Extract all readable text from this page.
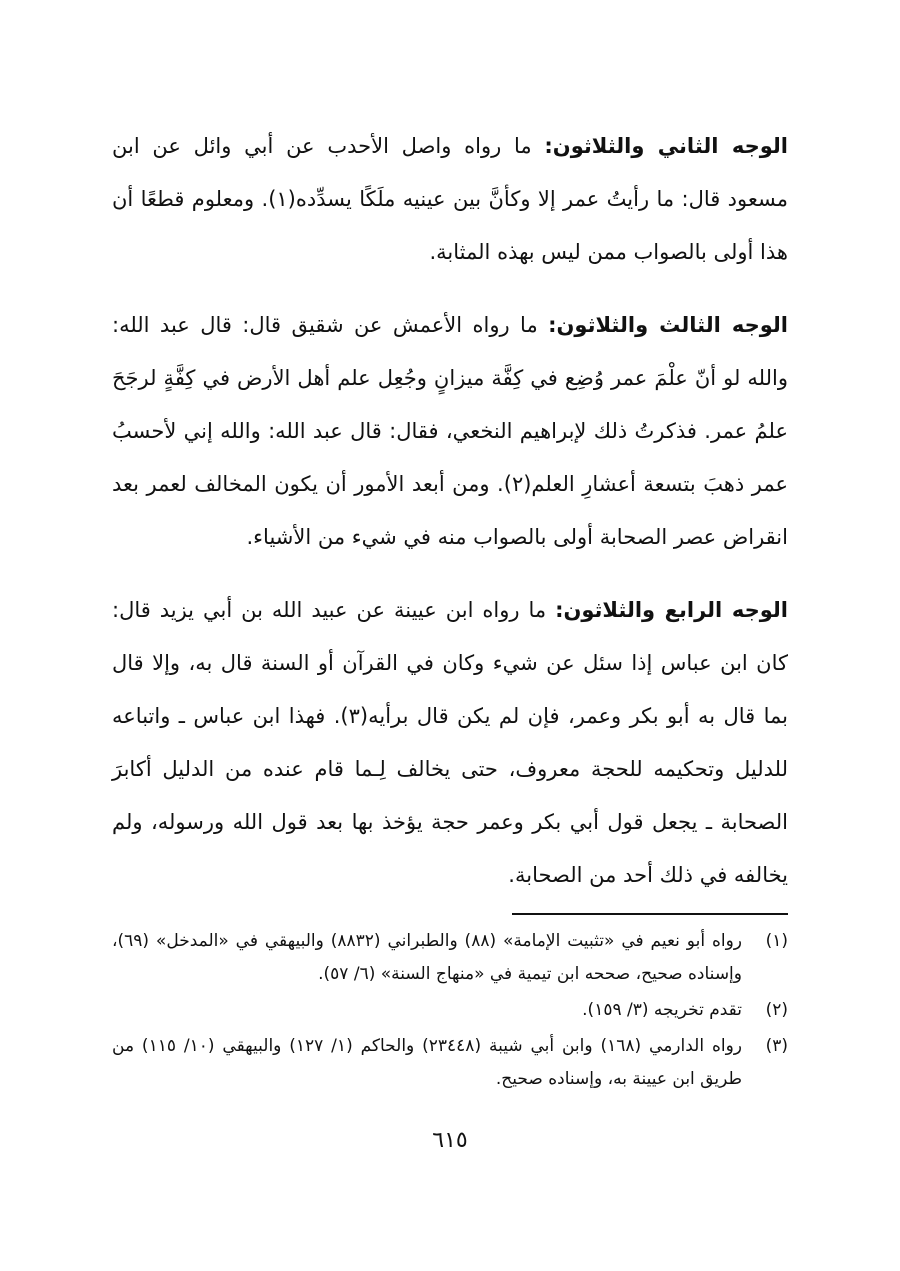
الوجه الثاني والثلاثون: ما رواه واصل الأحدب عن أبي وائل عن ابن مسعود قال: ما رأيتُ عمر إلا وكأنَّ بين عينيه ملَكًا يسدِّده(١). ومعلوم قطعًا أن هذا أولى بالصواب ممن ليس بهذه المثابة.

الوجه الثالث والثلاثون: ما رواه الأعمش عن شقيق قال: قال عبد الله: والله لو أنّ علْمَ عمر وُضِع في كِفَّة ميزانٍ وجُعِل علم أهل الأرض في كِفَّةٍ لرجَحَ علمُ عمر. فذكرتُ ذلك لإبراهيم النخعي، فقال: قال عبد الله: والله إني لأحسبُ عمر ذهبَ بتسعة أعشارِ العلم(٢). ومن أبعد الأمور أن يكون المخالف لعمر بعد انقراض عصر الصحابة أولى بالصواب منه في شيء من الأشياء.

الوجه الرابع والثلاثون: ما رواه ابن عيينة عن عبيد الله بن أبي يزيد قال: كان ابن عباس إذا سئل عن شيء وكان في القرآن أو السنة قال به، وإلا قال بما قال به أبو بكر وعمر، فإن لم يكن قال برأيه(٣). فهذا ابن عباس ـ واتباعه للدليل وتحكيمه للحجة معروف، حتى يخالف لِـما قام عنده من الدليل أكابرَ الصحابة ـ يجعل قول أبي بكر وعمر حجة يؤخذ بها بعد قول الله ورسوله، ولم يخالفه في ذلك أحد من الصحابة.

(١)
رواه أبو نعيم في «تثبيت الإمامة» (٨٨) والطبراني (٨٨٣٢) والبيهقي في «المدخل» (٦٩)، وإسناده صحيح، صححه ابن تيمية في «منهاج السنة» (٦/ ٥٧).
(٢)
تقدم تخريجه (٣/ ١٥٩).
(٣)
رواه الدارمي (١٦٨) وابن أبي شيبة (٢٣٤٤٨) والحاكم (١/ ١٢٧) والبيهقي (١٠/ ١١٥) من طريق ابن عيينة به، وإسناده صحيح.
٦١٥
